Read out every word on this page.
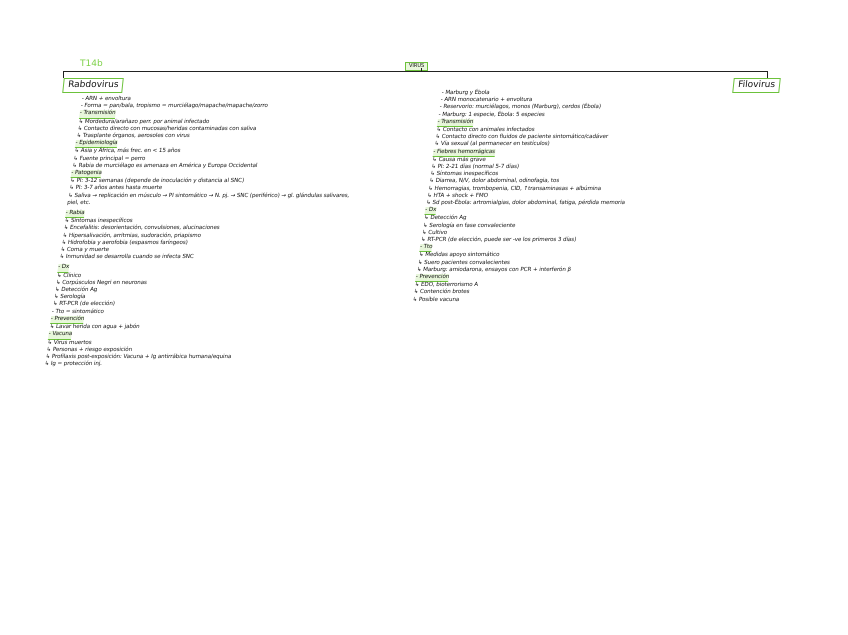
T14b	VIRUS
Rabdovirus	Filovirus
- ARN + envoltura
- Forma = pan/bala, tropismo = murciélago/mapache/mapache/zorro
- Transmisión
↳ Mordedura/arañazo perr. por animal infectado
↳ Contacto directo con mucosas/heridas contaminadas con saliva
↳ Trasplante órganos, aerosoles con virus
- Epidemiología
↳ Asia y África, más frec. en < 15 años
↳ Fuente principal = perro
↳ Rabia de murciélago es amenaza en América y Europa Occidental
- Patogenia
↳ PI: 3-12 semanas (depende de inoculación y distancia al SNC)
↳ PI: 3-7 años antes hasta muerte
↳ Saliva → replicación en músculo → PI sintomático → N. pj. → SNC (periférico) → gl. glándulas salivares,
piel, etc.
- Rabia
↳ Síntomas inespecíficos
↳ Encefalitis: desorientación, convulsiones, alucinaciones
↳ Hipersalivación, arritmias, sudoración, priapismo
↳ Hidrofobia y aerofobia (espasmos faríngeos)
↳ Coma y muerte
↳ Inmunidad se desarrolla cuando se infecta SNC
- Dx
↳ Clínico
↳ Corpúsculos Negri en neuronas
↳ Detección Ag
↳ Serología
↳ RT-PCR (de elección)
- Tto = sintomático
- Prevención
↳ Lavar herida con agua + jabón
- Vacuna
↳ Virus muertos
↳ Personas + riesgo exposición
↳ Profilaxis post-exposición: Vacuna + Ig antirrábica humana/equina
↳ Ig = protección inj.
- Marburg y Ébola
- ARN monocatenario + envoltura
- Reservorio: murciélagos, monos (Marburg), cerdos (Ébola)
- Marburg: 1 especie, Ébola: 5 especies
- Transmisión
↳ Contacto con animales infectados
↳ Contacto directo con fluidos de paciente sintomático/cadáver
↳ Vía sexual (al permanecer en testículos)
- Fiebres hemorrágicas
↳ Causa más grave
↳ PI: 2-21 días (normal 5-7 días)
↳ Síntomas inespecíficos
↳ Diarrea, N/V, dolor abdominal, odinofagia, tos
↳ Hemorragias, trombopenia, CID, ↑transaminasas + albúmina
↳ HTA + shock + FMO
↳ Sd post-Ébola: artromialgias, dolor abdominal, fatiga, pérdida memoria
- Dx
↳ Detección Ag
↳ Serología en fase convaleciente
↳ Cultivo
↳ RT-PCR (de elección, puede ser -ve los primeros 3 días)
- Tto
↳ Medidas apoyo sintomático
↳ Suero pacientes convalecientes
↳ Marburg: amiodarona, ensayos con PCR + interferón β
- Prevención
↳ EDO, bioterrorismo A
↳ Contención brotes
↳ Posible vacuna
